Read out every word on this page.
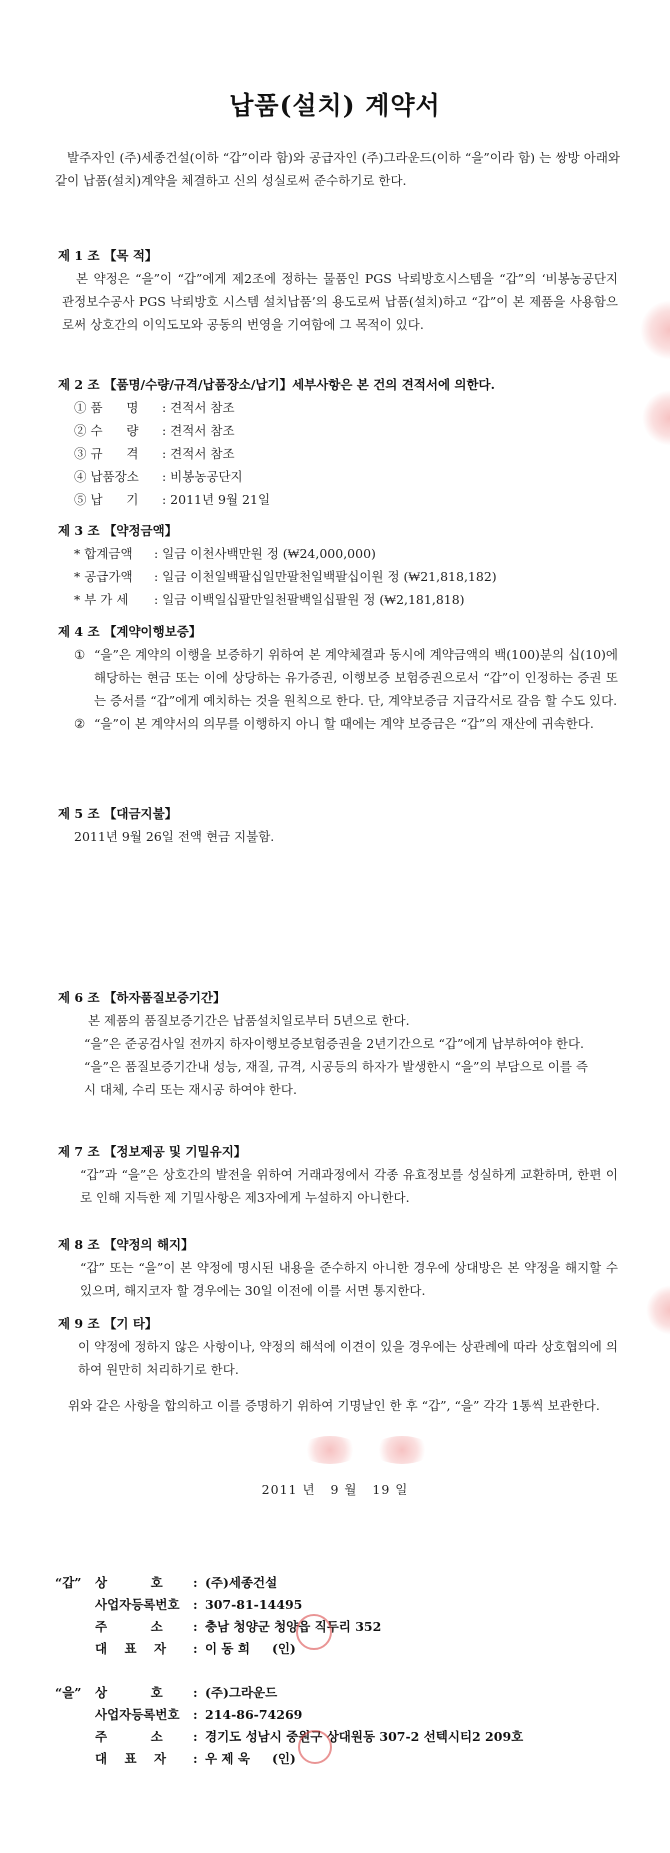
납품(설치) 계약서
발주자인 (주)세종건설(이하 “갑”이라 함)와 공급자인 (주)그라운드(이하 “을”이라 함) 는 쌍방 아래와 같이 납품(설치)계약을 체결하고 신의 성실로써 준수하기로 한다.
제 1 조 【목 적】
본 약정은 “을”이 “갑”에게 제2조에 정하는 물품인 PGS 낙뢰방호시스템을 “갑”의 ‘비봉농공단지 관정보수공사 PGS 낙뢰방호 시스템 설치납품’의 용도로써 납품(설치)하고 “갑”이 본 제품을 사용함으로써 상호간의 이익도모와 공동의 번영을 기여함에 그 목적이 있다.
제 2 조 【품명/수량/규격/납품장소/납기】세부사항은 본 건의 견적서에 의한다.
① 품      명 : 견적서 참조
② 수      량 : 견적서 참조
③ 규      격 : 견적서 참조
④ 납품장소 : 비봉농공단지
⑤ 납      기 : 2011년 9월 21일
제 3 조 【약정금액】
* 합계금액 : 일금 이천사백만원 정 (₩24,000,000)
* 공급가액 : 일금 이천일백팔십일만팔천일백팔십이원 정 (₩21,818,182)
* 부 가 세 : 일금 이백일십팔만일천팔백일십팔원 정 (₩2,181,818)
제 4 조 【계약이행보증】
① “을”은 계약의 이행을 보증하기 위하여 본 계약체결과 동시에 계약금액의 백(100)분의 십(10)에 해당하는 현금 또는 이에 상당하는 유가증권, 이행보증 보험증권으로서 “갑”이 인정하는 증권 또는 증서를 “갑”에게 예치하는 것을 원칙으로 한다. 단, 계약보증금 지급각서로 갈음 할 수도 있다.
② “을”이 본 계약서의 의무를 이행하지 아니 할 때에는 계약 보증금은 “갑”의 재산에 귀속한다.
제 5 조 【대금지불】
2011년 9월 26일 전액 현금 지불함.
제 6 조 【하자품질보증기간】
본 제품의 품질보증기간은 납품설치일로부터 5년으로 한다.
“을”은 준공검사일 전까지 하자이행보증보험증권을 2년기간으로 “갑”에게 납부하여야 한다.
“을”은 품질보증기간내 성능, 재질, 규격, 시공등의 하자가 발생한시 “을”의 부담으로 이를 즉시 대체, 수리 또는 재시공 하여야 한다.
제 7 조 【정보제공 및 기밀유지】
“갑”과 “을”은 상호간의 발전을 위하여 거래과정에서 각종 유효정보를 성실하게 교환하며, 한편 이로 인해 지득한 제 기밀사항은 제3자에게 누설하지 아니한다.
제 8 조 【약정의 해지】
“갑” 또는 “을”이 본 약정에 명시된 내용을 준수하지 아니한 경우에 상대방은 본 약정을 해지할 수 있으며, 해지코자 할 경우에는 30일 이전에 이를 서면 통지한다.
제 9 조 【기 타】
이 약정에 정하지 않은 사항이나, 약정의 해석에 이견이 있을 경우에는 상관례에 따라 상호협의에 의하여 원만히 처리하기로 한다.
위와 같은 사항을 합의하고 이를 증명하기 위하여 기명날인 한 후 “갑”, “을” 각각 1통씩 보관한다.
2011 년   9 월   19 일
“갑” 상          호 : (주)세종건설
사업자등록번호 : 307-81-14495
주          소 : 충남 청양군 청양읍 직두리 352
대    표    자 : 이 동 희 (인)
“을” 상          호 : (주)그라운드
사업자등록번호 : 214-86-74269
주          소 : 경기도 성남시 중원구 상대원동 307-2 선텍시티2 209호
대    표    자 : 우 제 욱 (인)
